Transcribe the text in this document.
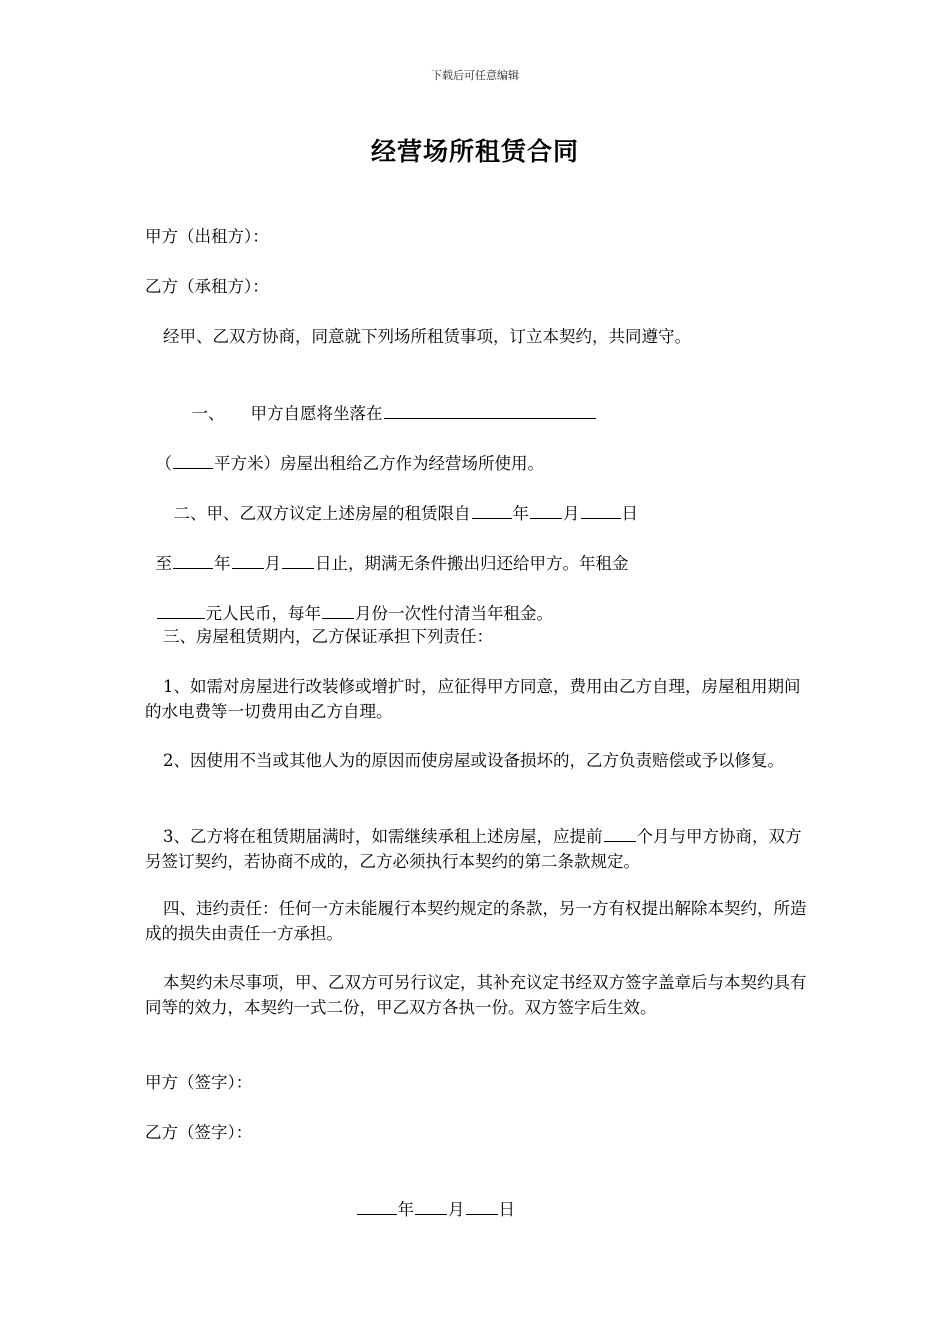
下载后可任意编辑
经营场所租赁合同
甲方（出租方）：
乙方（承租方）：
经甲、乙双方协商，同意就下列场所租赁事项，订立本契约，共同遵守。

一、 甲方自愿将坐落在

（	平方米）房屋出租给乙方作为经营场所使用。

二、甲、乙双方议定上述房屋的租赁限自	年 月	日

至	年 月 日止，期满无条件搬出归还给甲方。年租金

元人民币，每年 月份一次性付清当年租金。

三、房屋租赁期内，乙方保证承担下列责任：
1、如需对房屋进行改装修或增扩时，应征得甲方同意，费用由乙方自理，房屋租用期间的水电费等一切费用由乙方自理。
2、因使用不当或其他人为的原因而使房屋或设备损坏的，乙方负责赔偿或予以修复。
3、乙方将在租赁期届满时，如需继续承租上述房屋，应提前 个月与甲方协商，双方另签订契约，若协商不成的，乙方必须执行本契约的第二条款规定。
四、违约责任：任何一方未能履行本契约规定的条款，另一方有权提出解除本契约，所造成的损失由责任一方承担。
本契约未尽事项，甲、乙双方可另行议定，其补充议定书经双方签字盖章后与本契约具有同等的效力，本契约一式二份，甲乙双方各执一份。双方签字后生效。
甲方（签字）：
乙方（签字）：

年 月 日
